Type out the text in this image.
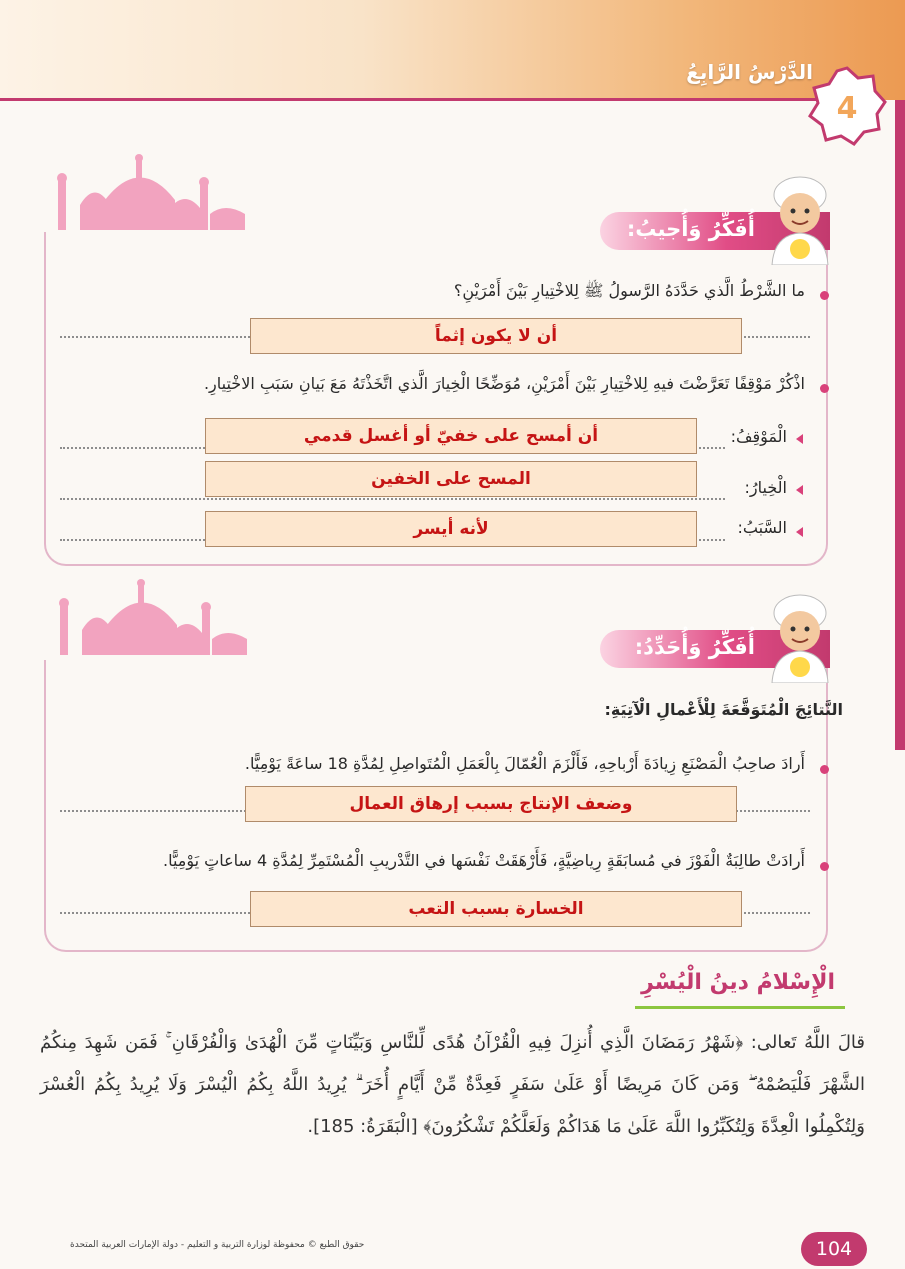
الدَّرْسُ الرَّابِعُ
4
أُفَكِّرُ وَأُجيبُ:
ما الشَّرْطُ الَّذي حَدَّدَهُ الرَّسولُ ﷺ لِلاخْتِيارِ بَيْنَ أَمْرَيْنِ؟
أن لا يكون إثماً
اذْكُرْ مَوْقِفًا تَعَرَّضْتَ فيهِ لِلاخْتِيارِ بَيْنَ أَمْرَيْنِ، مُوَضِّحًا الْخِيارَ الَّذي اتَّخَذْتَهُ مَعَ بَيانِ سَبَبِ الاخْتِيارِ.
الْمَوْقِفُ:
أن أمسح على خفيّ أو أغسل قدمي
الْخِيارُ:
المسح على الخفين
السَّبَبُ:
لأنه أيسر
أُفَكِّرُ وَأُحَدِّدُ:
النَّتائِجَ الْمُتَوَقَّعَةَ لِلْأَعْمالِ الْآتِيَةِ:
أَرادَ صاحِبُ الْمَصْنَعِ زِيادَةَ أَرْباحِهِ، فَأَلْزَمَ الْعُمّالَ بِالْعَمَلِ الْمُتَواصِلِ لِمُدَّةِ 18 ساعَةً يَوْمِيًّا.
وضعف الإنتاج بسبب إرهاق العمال
أَرادَتْ طالِبَةٌ الْفَوْزَ في مُسابَقَةٍ رِياضِيَّةٍ، فَأَرْهَقَتْ نَفْسَها في التَّدْريبِ الْمُسْتَمِرِّ لِمُدَّةِ 4 ساعاتٍ يَوْمِيًّا.
الخسارة بسبب التعب
الْإِسْلامُ دينُ الْيُسْرِ
قالَ اللَّهُ تَعالى: ﴿شَهْرُ رَمَضَانَ الَّذِي أُنزِلَ فِيهِ الْقُرْآنُ هُدًى لِّلنَّاسِ وَبَيِّنَاتٍ مِّنَ الْهُدَىٰ وَالْفُرْقَانِ ۚ فَمَن شَهِدَ مِنكُمُ الشَّهْرَ فَلْيَصُمْهُ ۖ وَمَن كَانَ مَرِيضًا أَوْ عَلَىٰ سَفَرٍ فَعِدَّةٌ مِّنْ أَيَّامٍ أُخَرَ ۗ يُرِيدُ اللَّهُ بِكُمُ الْيُسْرَ وَلَا يُرِيدُ بِكُمُ الْعُسْرَ وَلِتُكْمِلُوا الْعِدَّةَ وَلِتُكَبِّرُوا اللَّهَ عَلَىٰ مَا هَدَاكُمْ وَلَعَلَّكُمْ تَشْكُرُونَ﴾ [الْبَقَرَةُ: 185].
104
حقوق الطبع © محفوظة لوزارة التربية و التعليم - دولة الإمارات العربية المتحدة
